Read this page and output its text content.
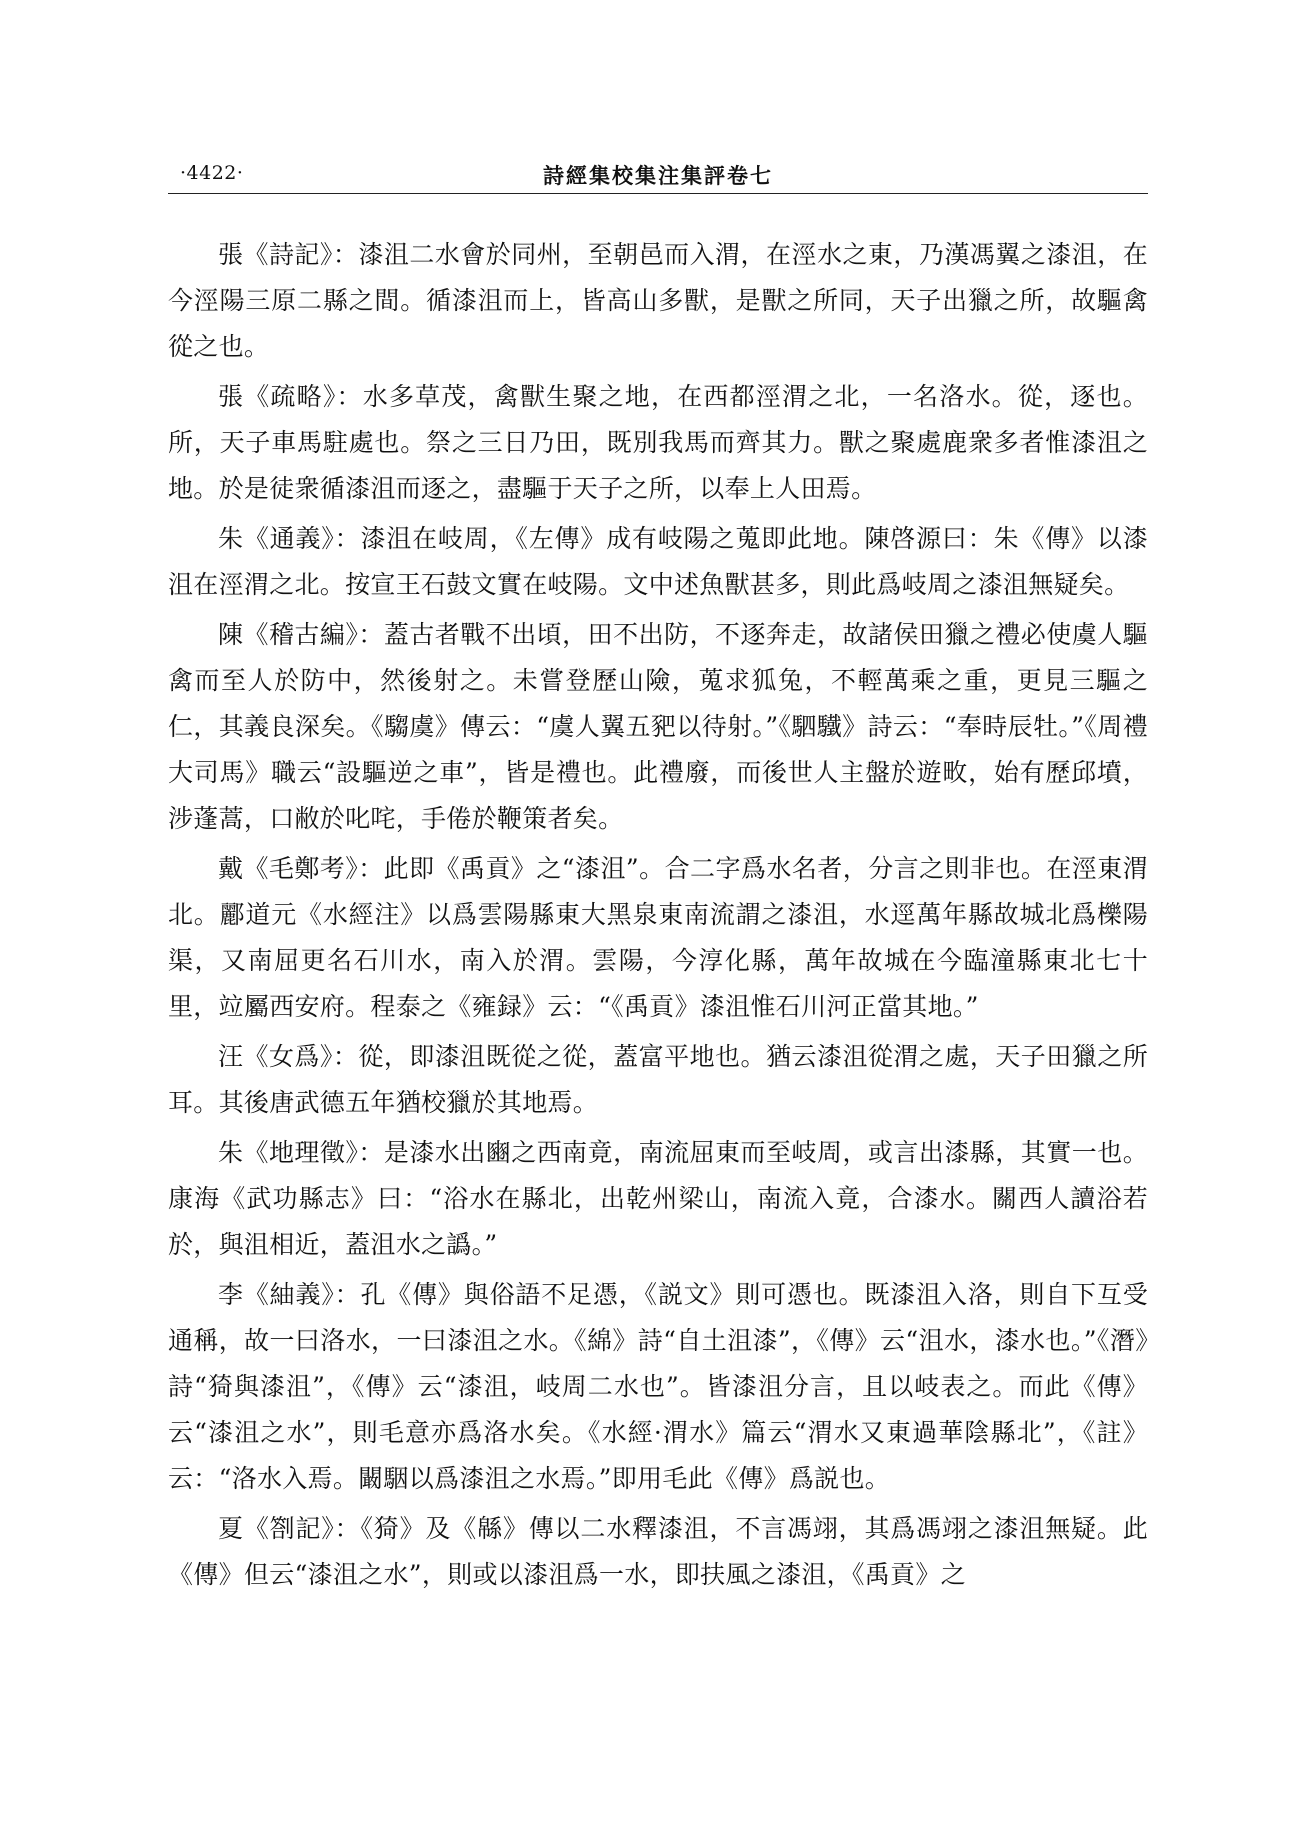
·4422·	詩經集校集注集評卷七

張《詩記》：漆沮二水會於同州，至朝邑而入渭，在涇水之東，乃漢馮翼之漆沮，在今涇陽三原二縣之間。循漆沮而上，皆高山多獸，是獸之所同，天子出獵之所，故驅禽從之也。

張《疏略》：水多草茂，禽獸生聚之地，在西都涇渭之北，一名洛水。從，逐也。所，天子車馬駐處也。祭之三日乃田，既別我馬而齊其力。獸之聚處鹿衆多者惟漆沮之地。於是徒衆循漆沮而逐之，盡驅于天子之所，以奉上人田焉。

朱《通義》：漆沮在岐周，《左傳》成有岐陽之蒐即此地。陳啓源曰：朱《傳》以漆沮在涇渭之北。按宣王石鼓文實在岐陽。文中述魚獸甚多，則此爲岐周之漆沮無疑矣。

陳《稽古編》：蓋古者戰不出頃，田不出防，不逐奔走，故諸侯田獵之禮必使虞人驅禽而至人於防中，然後射之。未嘗登歷山險，蒐求狐兔，不輕萬乘之重，更見三驅之仁，其義良深矣。《騶虞》傳云：“虞人翼五豝以待射。”《駟驖》詩云：“奉時辰牡。”《周禮大司馬》職云“設驅逆之車”，皆是禮也。此禮廢，而後世人主盤於遊畋，始有歷邱墳，涉蓬蒿，口敝於叱咤，手倦於鞭策者矣。

戴《毛鄭考》：此即《禹貢》之“漆沮”。合二字爲水名者，分言之則非也。在涇東渭北。酈道元《水經注》以爲雲陽縣東大黑泉東南流謂之漆沮，水逕萬年縣故城北爲櫟陽渠，又南屈更名石川水，南入於渭。雲陽，今淳化縣，萬年故城在今臨潼縣東北七十里，竝屬西安府。程泰之《雍録》云：“《禹貢》漆沮惟石川河正當其地。”

汪《女爲》：從，即漆沮既從之從，蓋富平地也。猶云漆沮從渭之處，天子田獵之所耳。其後唐武德五年猶校獵於其地焉。

朱《地理徵》：是漆水出豳之西南竟，南流屈東而至岐周，或言出漆縣，其實一也。康海《武功縣志》曰：“浴水在縣北，出乾州梁山，南流入竟，合漆水。關西人讀浴若於，與沮相近，蓋沮水之譌。”

李《紬義》：孔《傳》與俗語不足憑，《説文》則可憑也。既漆沮入洛，則自下互受通稱，故一曰洛水，一曰漆沮之水。《綿》詩“自土沮漆”，《傳》云“沮水，漆水也。”《潛》詩“猗與漆沮”，《傳》云“漆沮，岐周二水也”。皆漆沮分言，且以岐表之。而此《傳》云“漆沮之水”，則毛意亦爲洛水矣。《水經·渭水》篇云“渭水又東過華陰縣北”，《註》云：“洛水入焉。闞駰以爲漆沮之水焉。”即用毛此《傳》爲説也。

夏《劄記》：《猗》及《緜》傳以二水釋漆沮，不言馮翊，其爲馮翊之漆沮無疑。此《傳》但云“漆沮之水”，則或以漆沮爲一水，即扶風之漆沮，《禹貢》之
